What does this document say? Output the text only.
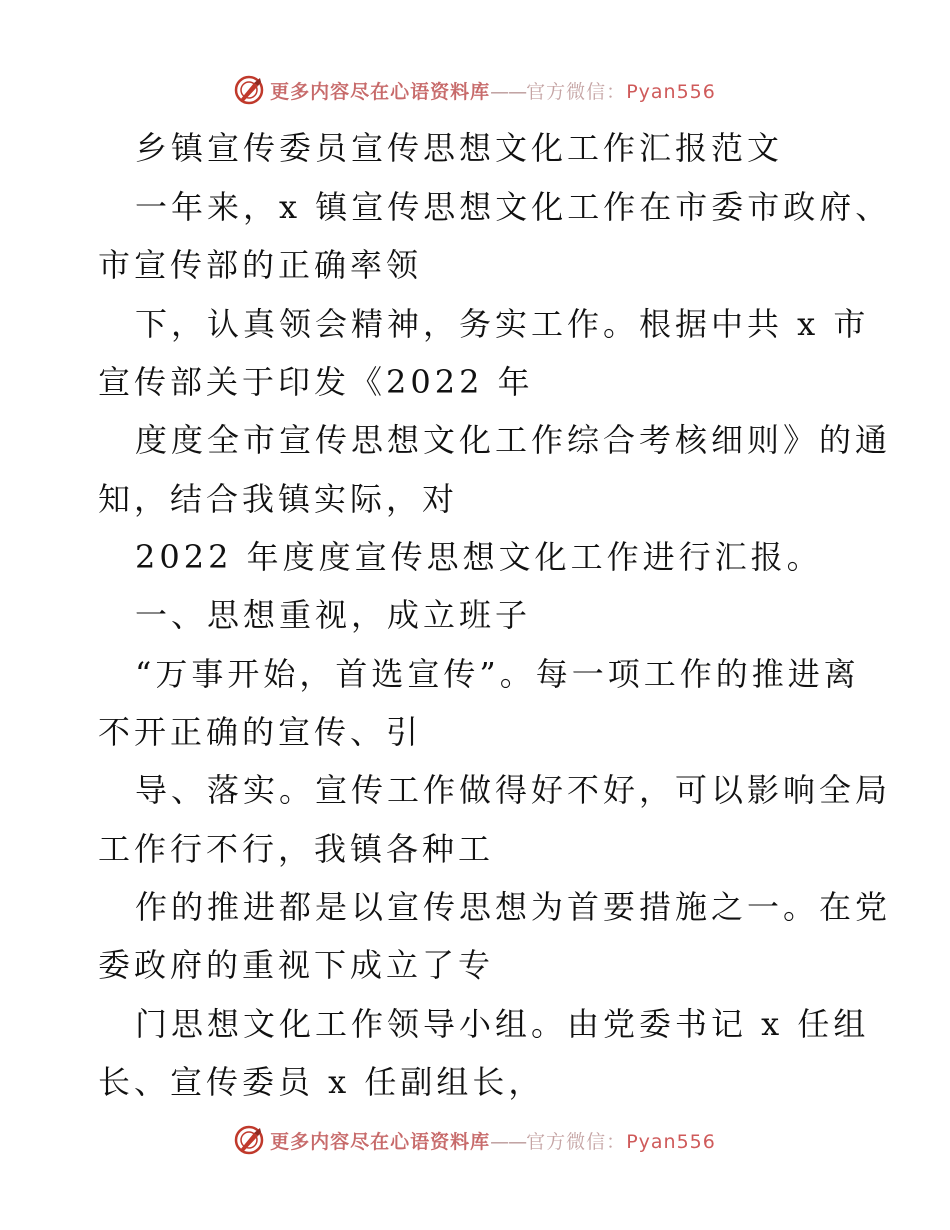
更多内容尽在心语资料库——官方微信：Pyan556
乡镇宣传委员宣传思想文化工作汇报范文
一年来，x 镇宣传思想文化工作在市委市政府、
市宣传部的正确率领
下，认真领会精神，务实工作。根据中共 x 市
宣传部关于印发《2022 年
度度全市宣传思想文化工作综合考核细则》的通
知，结合我镇实际，对
2022 年度度宣传思想文化工作进行汇报。
一、思想重视，成立班子
“万事开始，首选宣传”。每一项工作的推进离
不开正确的宣传、引
导、落实。宣传工作做得好不好，可以影响全局
工作行不行，我镇各种工
作的推进都是以宣传思想为首要措施之一。在党
委政府的重视下成立了专
门思想文化工作领导小组。由党委书记 x 任组
长、宣传委员 x 任副组长，
更多内容尽在心语资料库——官方微信：Pyan556
